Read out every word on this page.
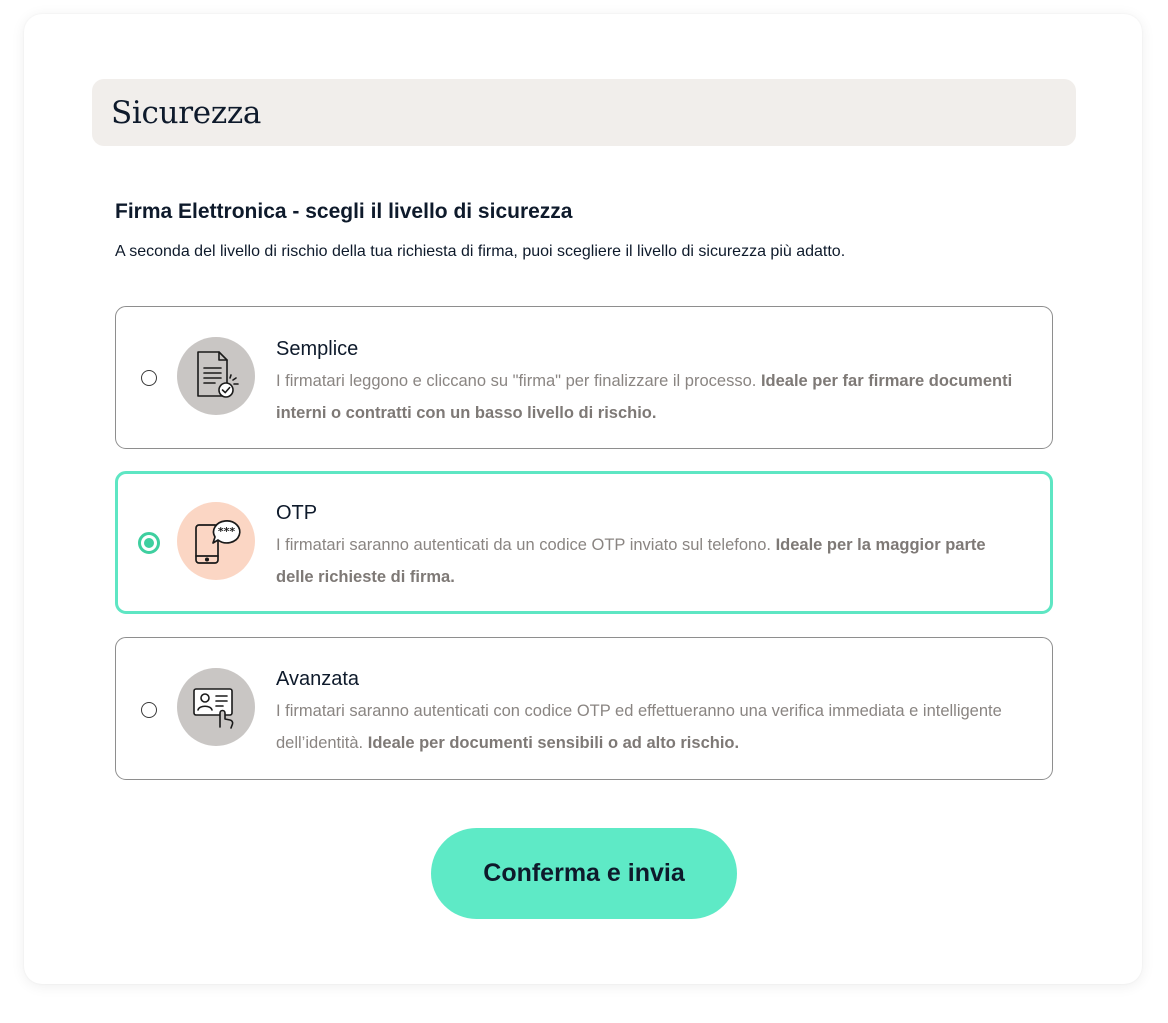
Sicurezza
Firma Elettronica - scegli il livello di sicurezza
A seconda del livello di rischio della tua richiesta di firma, puoi scegliere il livello di sicurezza più adatto.
Semplice
I firmatari leggono e cliccano su "firma" per finalizzare il processo. Ideale per far firmare documenti interni o contratti con un basso livello di rischio.
***
OTP
I firmatari saranno autenticati da un codice OTP inviato sul telefono. Ideale per la maggior parte delle richieste di firma.
Avanzata
I firmatari saranno autenticati con codice OTP ed effettueranno una verifica immediata e intelligente dell’identità. Ideale per documenti sensibili o ad alto rischio.
Conferma e invia
